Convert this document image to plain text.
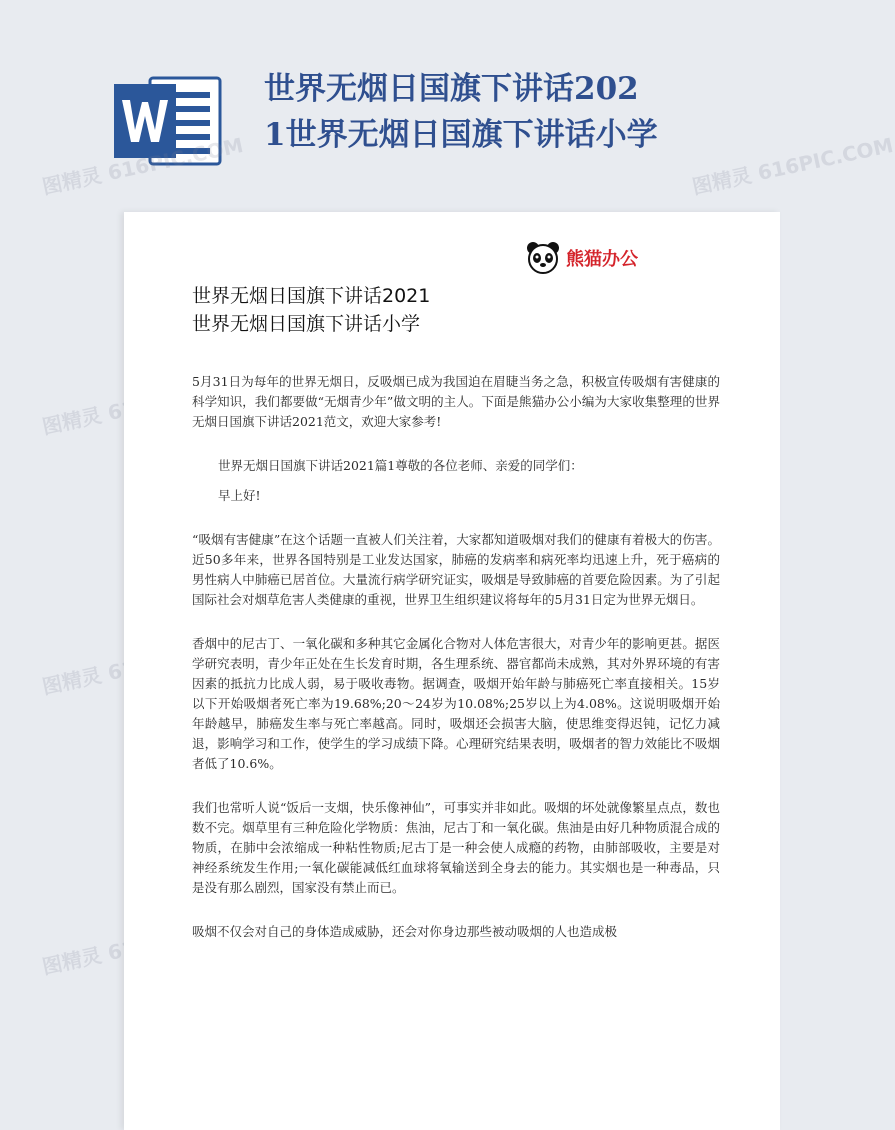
世界无烟日国旗下讲话202
1世界无烟日国旗下讲话小学
图精灵 616PIC.COM	图精灵 616PIC.COM
图精灵
图精灵
图精灵
熊猫办公
世界无烟日国旗下讲话2021
世界无烟日国旗下讲话小学

5月31日为每年的世界无烟日，反吸烟已成为我国迫在眉睫当务之急，积极宣传吸烟有害健康的科学知识，我们都要做“无烟青少年”做文明的主人。下面是熊猫办公小编为大家收集整理的世界无烟日国旗下讲话2021范文，欢迎大家参考!

世界无烟日国旗下讲话2021篇1尊敬的各位老师、亲爱的同学们：

早上好!

“吸烟有害健康”在这个话题一直被人们关注着，大家都知道吸烟对我们的健康有着极大的伤害。近50多年来，世界各国特别是工业发达国家，肺癌的发病率和病死率均迅速上升，死于癌病的男性病人中肺癌已居首位。大量流行病学研究证实，吸烟是导致肺癌的首要危险因素。为了引起国际社会对烟草危害人类健康的重视，世界卫生组织建议将每年的5月31日定为世界无烟日。

香烟中的尼古丁、一氧化碳和多种其它金属化合物对人体危害很大，对青少年的影响更甚。据医学研究表明，青少年正处在生长发育时期，各生理系统、器官都尚未成熟，其对外界环境的有害因素的抵抗力比成人弱，易于吸收毒物。据调查，吸烟开始年龄与肺癌死亡率直接相关。15岁以下开始吸烟者死亡率为19.68%;20～24岁为10.08%;25岁以上为4.08%。这说明吸烟开始年龄越早，肺癌发生率与死亡率越高。同时，吸烟还会损害大脑，使思维变得迟钝，记忆力减退，影响学习和工作，使学生的学习成绩下降。心理研究结果表明，吸烟者的智力效能比不吸烟者低了10.6%。

我们也常听人说“饭后一支烟，快乐像神仙”，可事实并非如此。吸烟的坏处就像繁星点点，数也数不完。烟草里有三种危险化学物质：焦油，尼古丁和一氧化碳。焦油是由好几种物质混合成的物质，在肺中会浓缩成一种粘性物质;尼古丁是一种会使人成瘾的药物，由肺部吸收，主要是对神经系统发生作用;一氧化碳能减低红血球将氧输送到全身去的能力。其实烟也是一种毒品，只是没有那么剧烈，国家没有禁止而已。

吸烟不仅会对自己的身体造成威胁，还会对你身边那些被动吸烟的人也造成极
